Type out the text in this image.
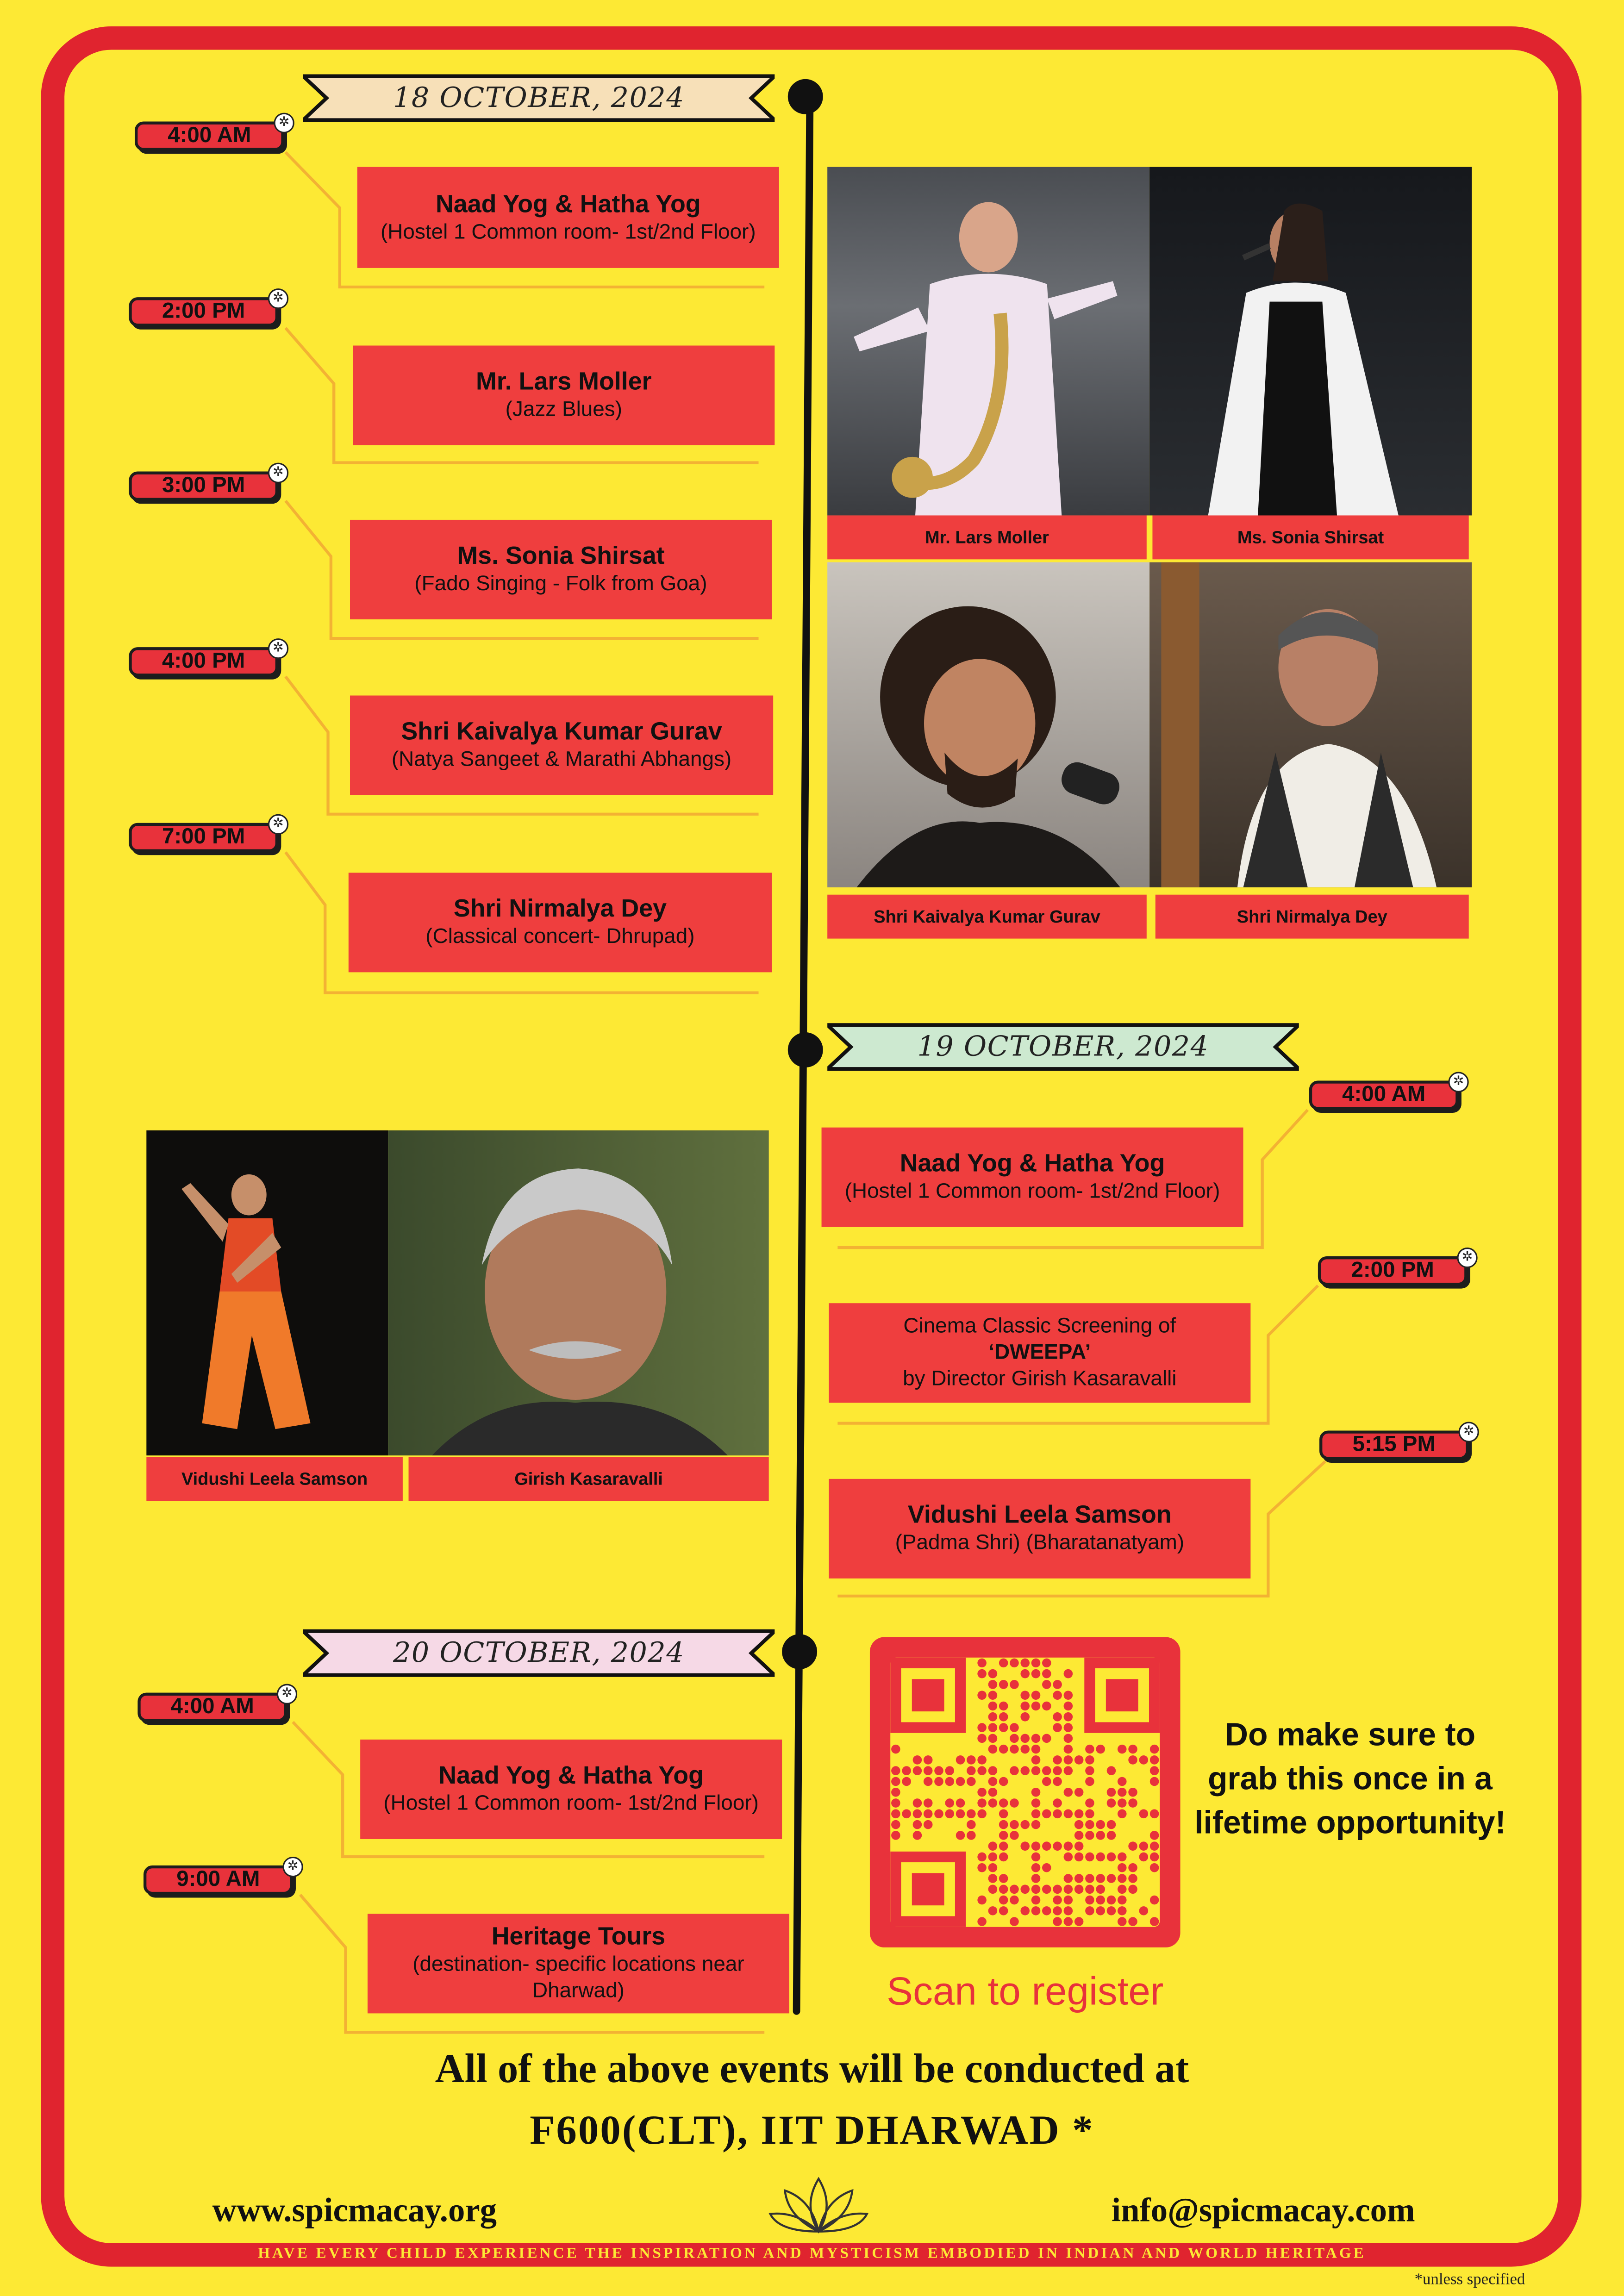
HAVE EVERY CHILD EXPERIENCE THE INSPIRATION AND MYSTICISM EMBODIED IN INDIAN AND WORLD HERITAGE
*unless specified
18 OCTOBER, 2024
4:00 AM
✲
Naad Yog & Hatha Yog
(Hostel 1 Common room- 1st/2nd Floor)
2:00 PM
✲
Mr. Lars Moller
(Jazz Blues)
3:00 PM
✲
Ms. Sonia Shirsat
(Fado Singing - Folk from Goa)
4:00 PM
✲
Shri Kaivalya Kumar Gurav
(Natya Sangeet & Marathi Abhangs)
7:00 PM
✲
Shri Nirmalya Dey
(Classical concert- Dhrupad)
Mr. Lars Moller	Ms. Sonia Shirsat
Shri Kaivalya Kumar Gurav	Shri Nirmalya Dey
19 OCTOBER, 2024
4:00 AM
✲
Naad Yog & Hatha Yog
(Hostel 1 Common room- 1st/2nd Floor)
2:00 PM
✲
Cinema Classic Screening of
‘DWEEPA’
by Director Girish Kasaravalli
5:15 PM
✲
Vidushi Leela Samson
(Padma Shri) (Bharatanatyam)
Vidushi Leela Samson	Girish Kasaravalli
20 OCTOBER, 2024
4:00 AM
✲
Naad Yog & Hatha Yog
(Hostel 1 Common room- 1st/2nd Floor)
9:00 AM
✲
Heritage Tours
(destination- specific locations near Dharwad)	Scan to register
Do make sure to grab this once in a lifetime opportunity!
All of the above events will be conducted at
F600(CLT), IIT DHARWAD *
www.spicmacay.org	info@spicmacay.com
